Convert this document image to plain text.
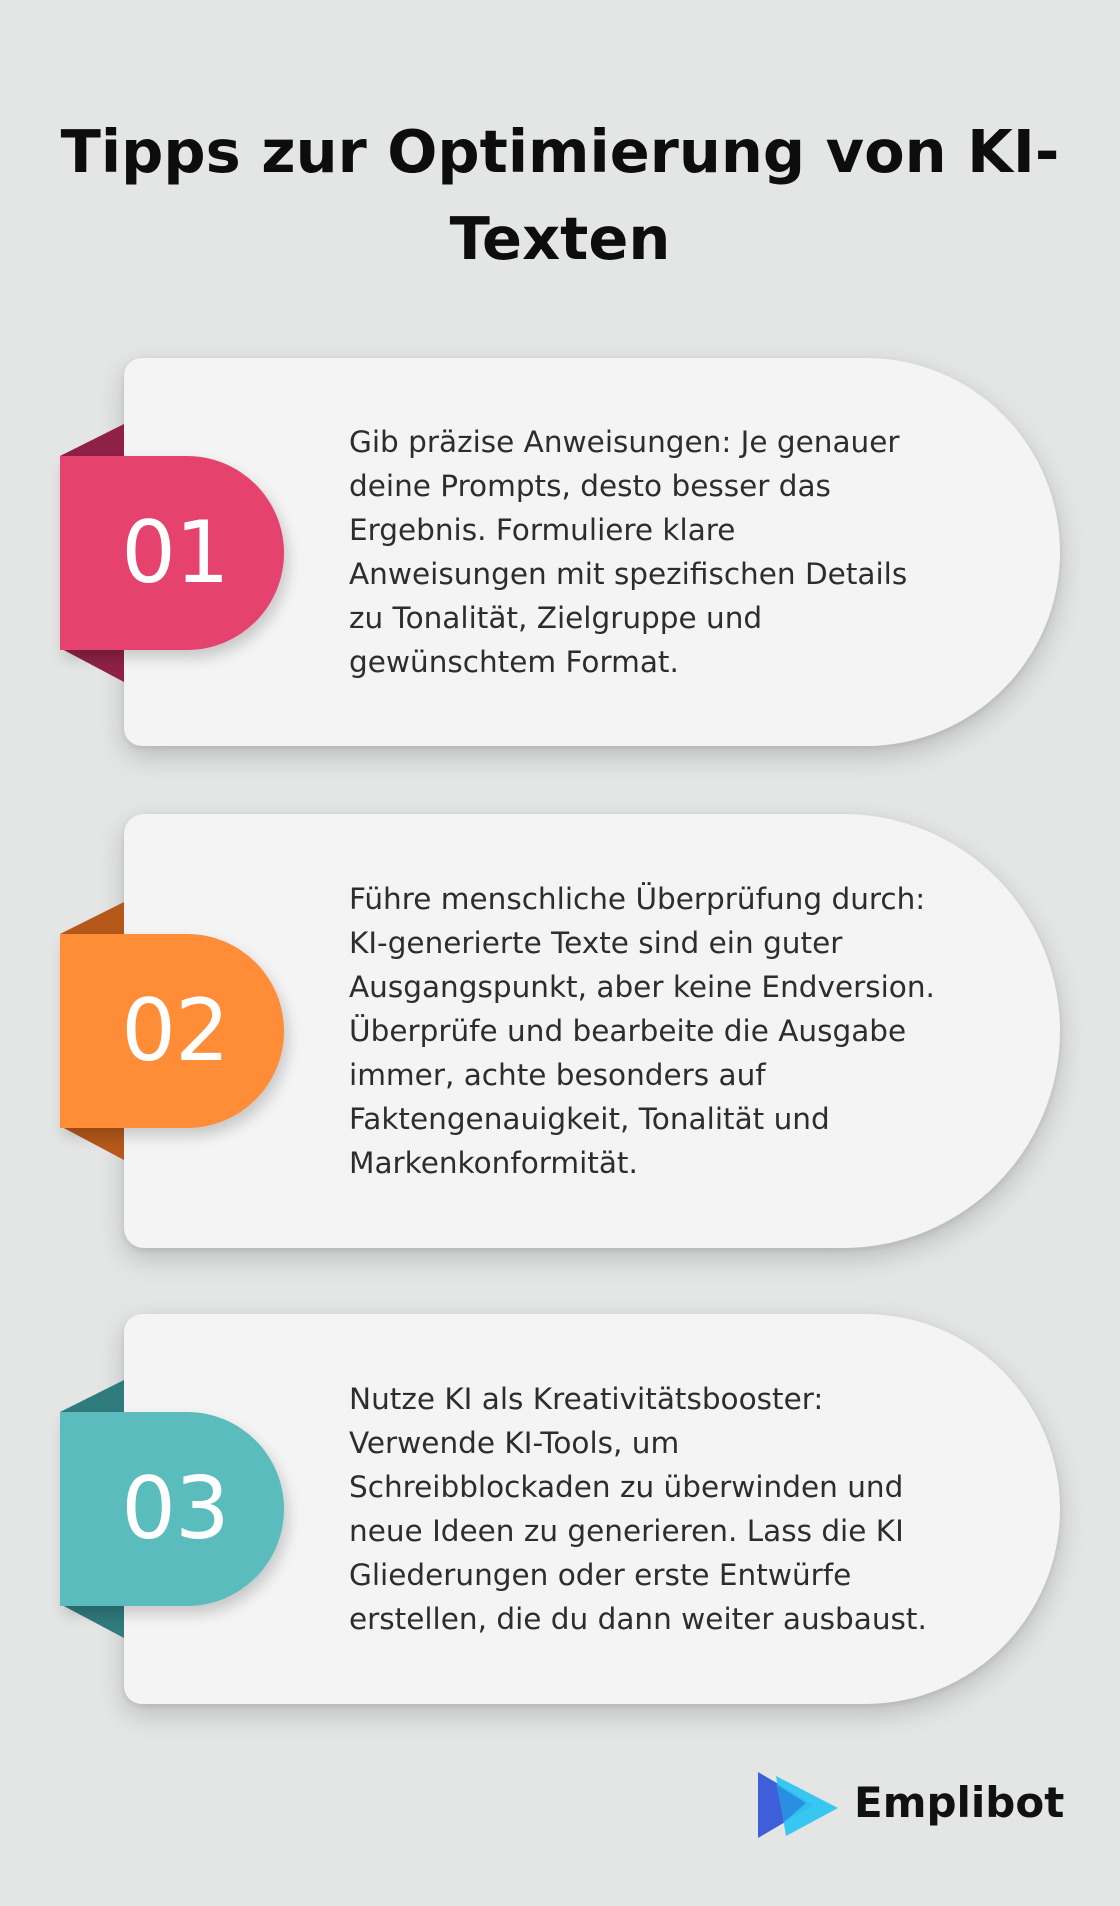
Tipps zur Optimierung von KI-Texten

Gib präzise Anweisungen: Je genauer deine Prompts, desto besser das Ergebnis. Formuliere klare Anweisungen mit spezifischen Details zu Tonalität, Zielgruppe und gewünschtem Format.

01

Führe menschliche Überprüfung durch: KI-generierte Texte sind ein guter Ausgangspunkt, aber keine Endversion. Überprüfe und bearbeite die Ausgabe immer, achte besonders auf Faktengenauigkeit, Tonalität und Markenkonformität.

02

Nutze KI als Kreativitätsbooster: Verwende KI-Tools, um Schreibblockaden zu überwinden und neue Ideen zu generieren. Lass die KI Gliederungen oder erste Entwürfe erstellen, die du dann weiter ausbaust.

03
Emplibot
